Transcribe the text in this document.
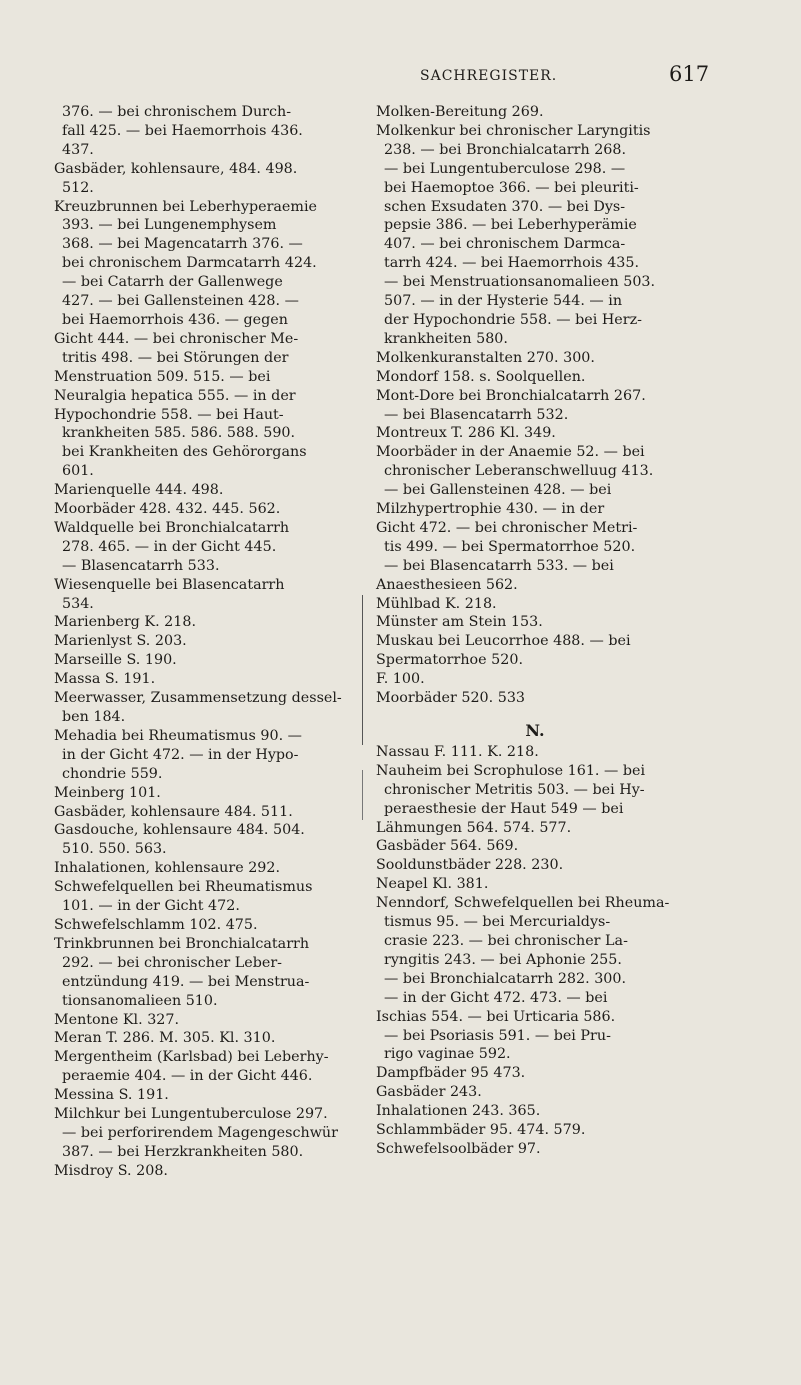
SACHREGISTER.	617
376. — bei chronischem Durch-
fall 425. — bei Haemorrhois 436.
437.
Gasbäder, kohlensaure, 484. 498.
512.
Kreuzbrunnen bei Leberhyperaemie
393. — bei Lungenemphysem
368. — bei Magencatarrh 376. —
bei chronischem Darmcatarrh 424.
— bei Catarrh der Gallenwege
427. — bei Gallensteinen 428. —
bei Haemorrhois 436. — gegen
Gicht 444. — bei chronischer Me-
tritis 498. — bei Störungen der
Menstruation 509. 515. — bei
Neuralgia hepatica 555. — in der
Hypochondrie 558. — bei Haut-
krankheiten 585. 586. 588. 590.
bei Krankheiten des Gehörorgans
601.
Marienquelle 444. 498.
Moorbäder 428. 432. 445. 562.
Waldquelle bei Bronchialcatarrh
278. 465. — in der Gicht 445.
— Blasencatarrh 533.
Wiesenquelle bei Blasencatarrh
534.
Marienberg K. 218.
Marienlyst S. 203.
Marseille S. 190.
Massa S. 191.
Meerwasser, Zusammensetzung dessel-
ben 184.
Mehadia bei Rheumatismus 90. —
in der Gicht 472. — in der Hypo-
chondrie 559.
Meinberg 101.
Gasbäder, kohlensaure 484. 511.
Gasdouche, kohlensaure 484. 504.
510. 550. 563.
Inhalationen, kohlensaure 292.
Schwefelquellen bei Rheumatismus
101. — in der Gicht 472.
Schwefelschlamm 102. 475.
Trinkbrunnen bei Bronchialcatarrh
292. — bei chronischer Leber-
entzündung 419. — bei Menstrua-
tionsanomalieen 510.
Mentone Kl. 327.
Meran T. 286. M. 305. Kl. 310.
Mergentheim (Karlsbad) bei Leberhy-
peraemie 404. — in der Gicht 446.
Messina S. 191.
Milchkur bei Lungentuberculose 297.
— bei perforirendem Magengeschwür
387. — bei Herzkrankheiten 580.
Misdroy S. 208.
Molken-Bereitung 269.
Molkenkur bei chronischer Laryngitis
238. — bei Bronchialcatarrh 268.
— bei Lungentuberculose 298. —
bei Haemoptoe 366. — bei pleuriti-
schen Exsudaten 370. — bei Dys-
pepsie 386. — bei Leberhyperämie
407. — bei chronischem Darmca-
tarrh 424. — bei Haemorrhois 435.
— bei Menstruationsanomalieen 503.
507. — in der Hysterie 544. — in
der Hypochondrie 558. — bei Herz-
krankheiten 580.
Molkenkuranstalten 270. 300.
Mondorf 158. s. Soolquellen.
Mont-Dore bei Bronchialcatarrh 267.
— bei Blasencatarrh 532.
Montreux T. 286 Kl. 349.
Moorbäder in der Anaemie 52. — bei
chronischer Leberanschwelluug 413.
— bei Gallensteinen 428. — bei
Milzhypertrophie 430. — in der
Gicht 472. — bei chronischer Metri-
tis 499. — bei Spermatorrhoe 520.
— bei Blasencatarrh 533. — bei
Anaesthesieen 562.
Mühlbad K. 218.
Münster am Stein 153.
Muskau bei Leucorrhoe 488. — bei
Spermatorrhoe 520.
F. 100.
Moorbäder 520. 533
N.
Nassau F. 111. K. 218.
Nauheim bei Scrophulose 161. — bei
chronischer Metritis 503. — bei Hy-
peraesthesie der Haut 549 — bei
Lähmungen 564. 574. 577.
Gasbäder 564. 569.
Sooldunstbäder 228. 230.
Neapel Kl. 381.
Nenndorf, Schwefelquellen bei Rheuma-
tismus 95. — bei Mercurialdys-
crasie 223. — bei chronischer La-
ryngitis 243. — bei Aphonie 255.
— bei Bronchialcatarrh 282. 300.
— in der Gicht 472. 473. — bei
Ischias 554. — bei Urticaria 586.
— bei Psoriasis 591. — bei Pru-
rigo vaginae 592.
Dampfbäder 95 473.
Gasbäder 243.
Inhalationen 243. 365.
Schlammbäder 95. 474. 579.
Schwefelsoolbäder 97.
